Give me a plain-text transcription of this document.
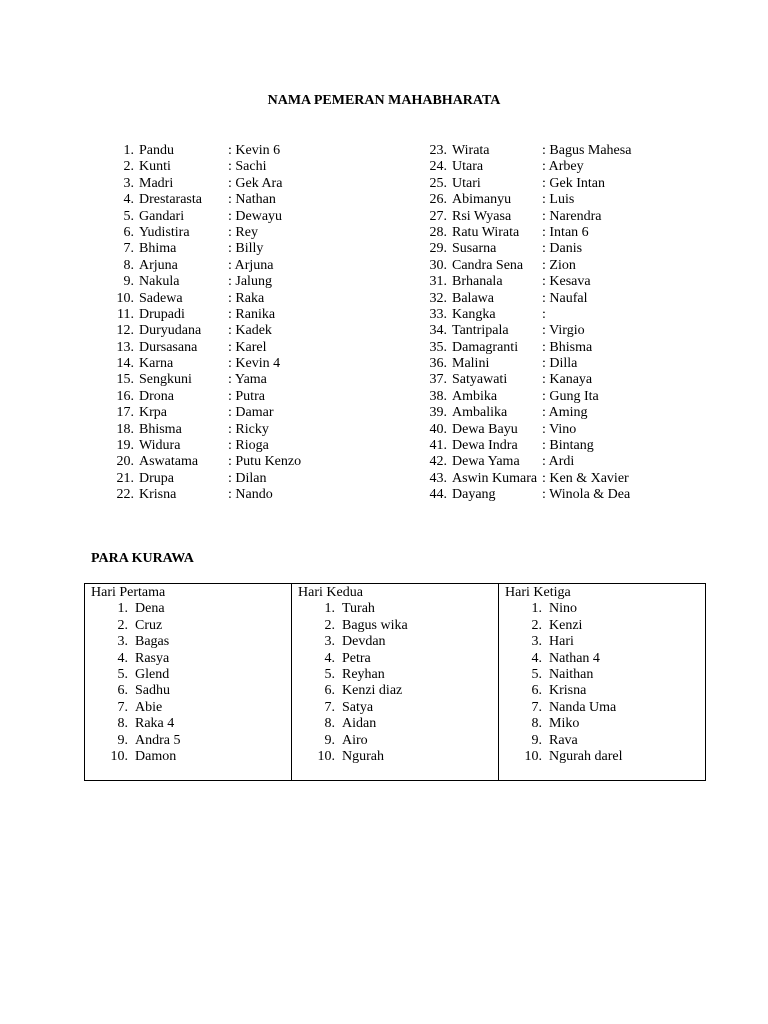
NAMA PEMERAN MAHABHARATA
1. Pandu	: Kevin 6
2. Kunti	: Sachi
3. Madri	: Gek Ara
4. Drestarasta	: Nathan
5. Gandari	: Dewayu
6. Yudistira	: Rey
7. Bhima	: Billy
8. Arjuna	: Arjuna
9. Nakula	: Jalung
10. Sadewa	: Raka
11. Drupadi	: Ranika
12. Duryudana	: Kadek
13. Dursasana	: Karel
14. Karna	: Kevin 4
15. Sengkuni	: Yama
16. Drona	: Putra
17. Krpa	: Damar
18. Bhisma	: Ricky
19. Widura	: Rioga
20. Aswatama	: Putu Kenzo
21. Drupa	: Dilan
22. Krisna	: Nando
23. Wirata	: Bagus Mahesa
24. Utara	: Arbey
25. Utari	: Gek Intan
26. Abimanyu	: Luis
27. Rsi Wyasa	: Narendra
28. Ratu Wirata	: Intan 6
29. Susarna	: Danis
30. Candra Sena	: Zion
31. Brhanala	: Kesava
32. Balawa	: Naufal
33. Kangka	:
34. Tantripala	: Virgio
35. Damagranti	: Bhisma
36. Malini	: Dilla
37. Satyawati	: Kanaya
38. Ambika	: Gung Ita
39. Ambalika	: Aming
40. Dewa Bayu	: Vino
41. Dewa Indra	: Bintang
42. Dewa Yama	: Ardi
43. Aswin Kumara : Ken & Xavier
44. Dayang	: Winola & Dea
PARA KURAWA
Hari Pertama
1. Dena
2. Cruz
3. Bagas
4. Rasya
5. Glend
6. Sadhu
7. Abie
8. Raka 4
9. Andra 5
10. Damon

Hari Kedua
1. Turah
2. Bagus wika
3. Devdan
4. Petra
5. Reyhan
6. Kenzi diaz
7. Satya
8. Aidan
9. Airo
10. Ngurah

Hari Ketiga
1. Nino
2. Kenzi
3. Hari
4. Nathan 4
5. Naithan
6. Krisna
7. Nanda Uma
8. Miko
9. Rava
10. Ngurah darel
